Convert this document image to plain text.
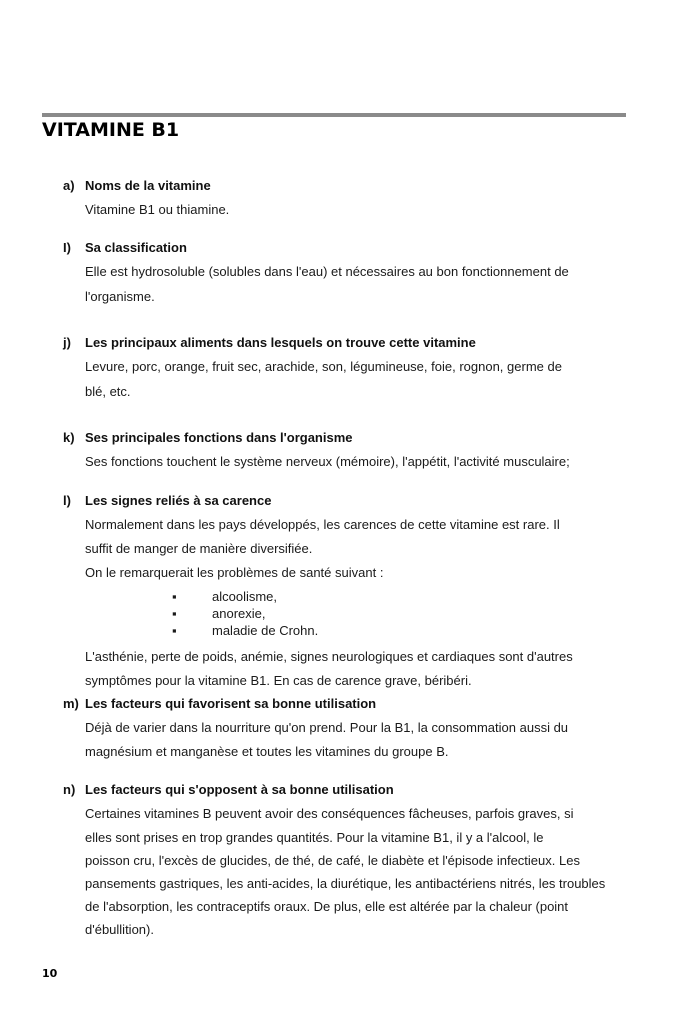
VITAMINE B1
a) Noms de la vitamine
Vitamine B1 ou thiamine.
I) Sa classification
Elle est hydrosoluble (solubles dans l'eau) et nécessaires au bon fonctionnement de
l'organisme.
j) Les principaux aliments dans lesquels on trouve cette vitamine
Levure, porc, orange, fruit sec, arachide, son, légumineuse, foie, rognon, germe de
blé, etc.
k) Ses principales fonctions dans l'organisme
Ses fonctions touchent le système nerveux (mémoire), l'appétit, l'activité musculaire;
l) Les signes reliés à sa carence
Normalement dans les pays développés, les carences de cette vitamine est rare. Il
suffit de manger de manière diversifiée.
On le remarquerait les problèmes de santé suivant :
▪	alcoolisme,
▪	anorexie,
▪	maladie de Crohn.
L'asthénie, perte de poids, anémie, signes neurologiques et cardiaques sont d'autres
symptômes pour la vitamine B1. En cas de carence grave, béribéri.
m) Les facteurs qui favorisent sa bonne utilisation
Déjà de varier dans la nourriture qu'on prend. Pour la B1, la consommation aussi du
magnésium et manganèse et toutes les vitamines du groupe B.
n) Les facteurs qui s'opposent à sa bonne utilisation
Certaines vitamines B peuvent avoir des conséquences fâcheuses, parfois graves, si
elles sont prises en trop grandes quantités. Pour la vitamine B1, il y a l'alcool, le
poisson cru, l'excès de glucides, de thé, de café, le diabète et l'épisode infectieux. Les
pansements gastriques, les anti-acides, la diurétique, les antibactériens nitrés, les troubles
de l'absorption, les contraceptifs oraux. De plus, elle est altérée par la chaleur (point
d'ébullition).
10
